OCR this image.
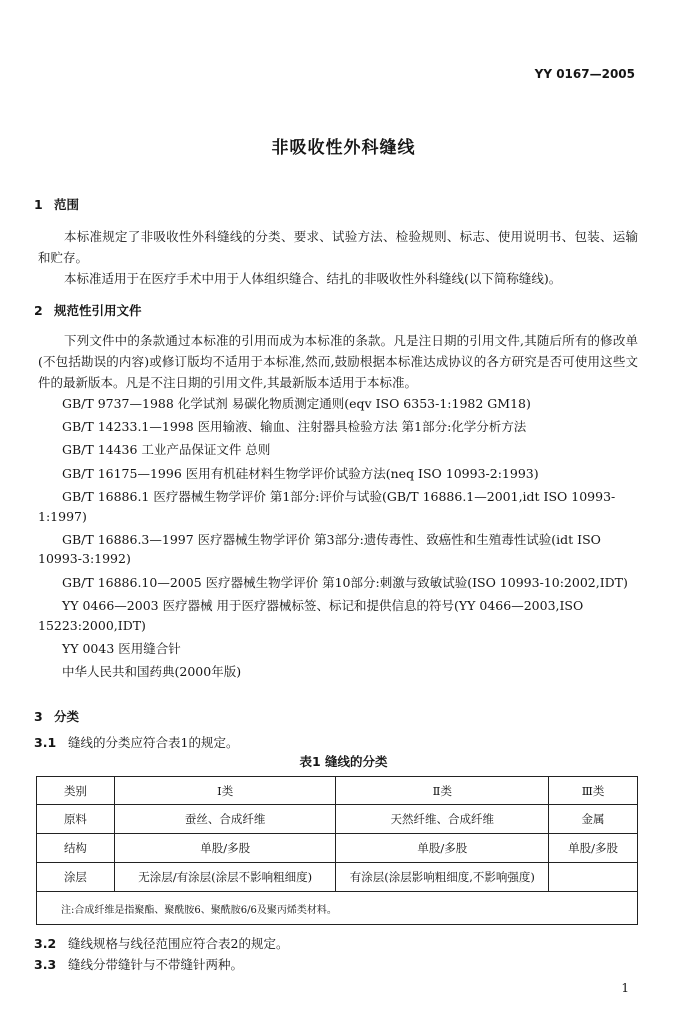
YY 0167—2005
非吸收性外科缝线
1 范围

本标准规定了非吸收性外科缝线的分类、要求、试验方法、检验规则、标志、使用说明书、包装、运输和贮存。

本标准适用于在医疗手术中用于人体组织缝合、结扎的非吸收性外科缝线(以下简称缝线)。

2 规范性引用文件

下列文件中的条款通过本标准的引用而成为本标准的条款。凡是注日期的引用文件,其随后所有的修改单(不包括勘误的内容)或修订版均不适用于本标准,然而,鼓励根据本标准达成协议的各方研究是否可使用这些文件的最新版本。凡是不注日期的引用文件,其最新版本适用于本标准。

GB/T 9737—1988 化学试剂 易碳化物质测定通则(eqv ISO 6353-1:1982 GM18)

GB/T 14233.1—1998 医用输液、输血、注射器具检验方法 第1部分:化学分析方法

GB/T 14436 工业产品保证文件 总则

GB/T 16175—1996 医用有机硅材料生物学评价试验方法(neq ISO 10993-2:1993)

GB/T 16886.1 医疗器械生物学评价 第1部分:评价与试验(GB/T 16886.1—2001,idt ISO 10993-1:1997)

GB/T 16886.3—1997 医疗器械生物学评价 第3部分:遗传毒性、致癌性和生殖毒性试验(idt ISO 10993-3:1992)

GB/T 16886.10—2005 医疗器械生物学评价 第10部分:刺激与致敏试验(ISO 10993-10:2002,IDT)

YY 0466—2003 医疗器械 用于医疗器械标签、标记和提供信息的符号(YY 0466—2003,ISO 15223:2000,IDT)

YY 0043 医用缝合针

中华人民共和国药典(2000年版)

3 分类
3.1 缝线的分类应符合表1的规定。
表1 缝线的分类
类别	Ⅰ类	Ⅱ类	Ⅲ类
原料	蚕丝、合成纤维	天然纤维、合成纤维	金属
结构	单股/多股	单股/多股	单股/多股
涂层	无涂层/有涂层(涂层不影响粗细度)	有涂层(涂层影响粗细度,不影响强度)	
注:合成纤维是指聚酯、聚酰胺6、聚酰胺6/6及聚丙烯类材料。			
3.2 缝线规格与线径范围应符合表2的规定。
3.3 缝线分带缝针与不带缝针两种。
1
